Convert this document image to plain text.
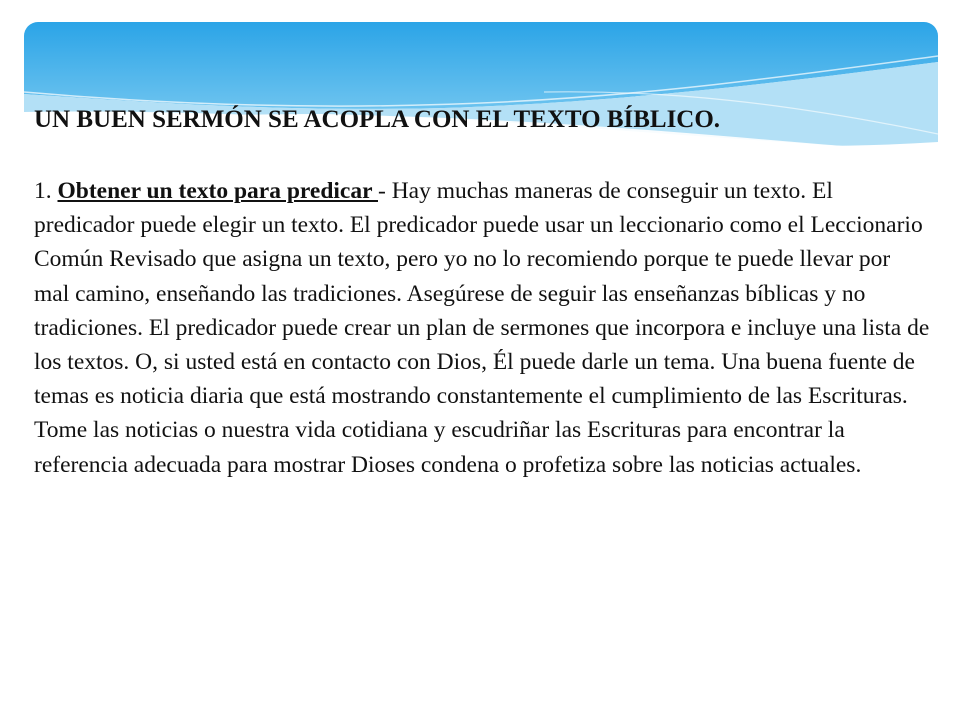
UN BUEN SERMÓN SE ACOPLA CON EL TEXTO BÍBLICO.

1. Obtener un texto para predicar - Hay muchas maneras de conseguir un texto. El predicador puede elegir un texto. El predicador puede usar un leccionario como el Leccionario Común Revisado que asigna un texto, pero yo no lo recomiendo porque te puede llevar por mal camino, enseñando las tradiciones. Asegúrese de seguir las enseñanzas bíblicas y no tradiciones. El predicador puede crear un plan de sermones que incorpora e incluye una lista de los textos. O, si usted está en contacto con Dios, Él puede darle un tema. Una buena fuente de temas es noticia diaria que está mostrando constantemente el cumplimiento de las Escrituras. Tome las noticias o nuestra vida cotidiana y escudriñar las Escrituras para encontrar la referencia adecuada para mostrar Dioses condena o profetiza sobre las noticias actuales.
